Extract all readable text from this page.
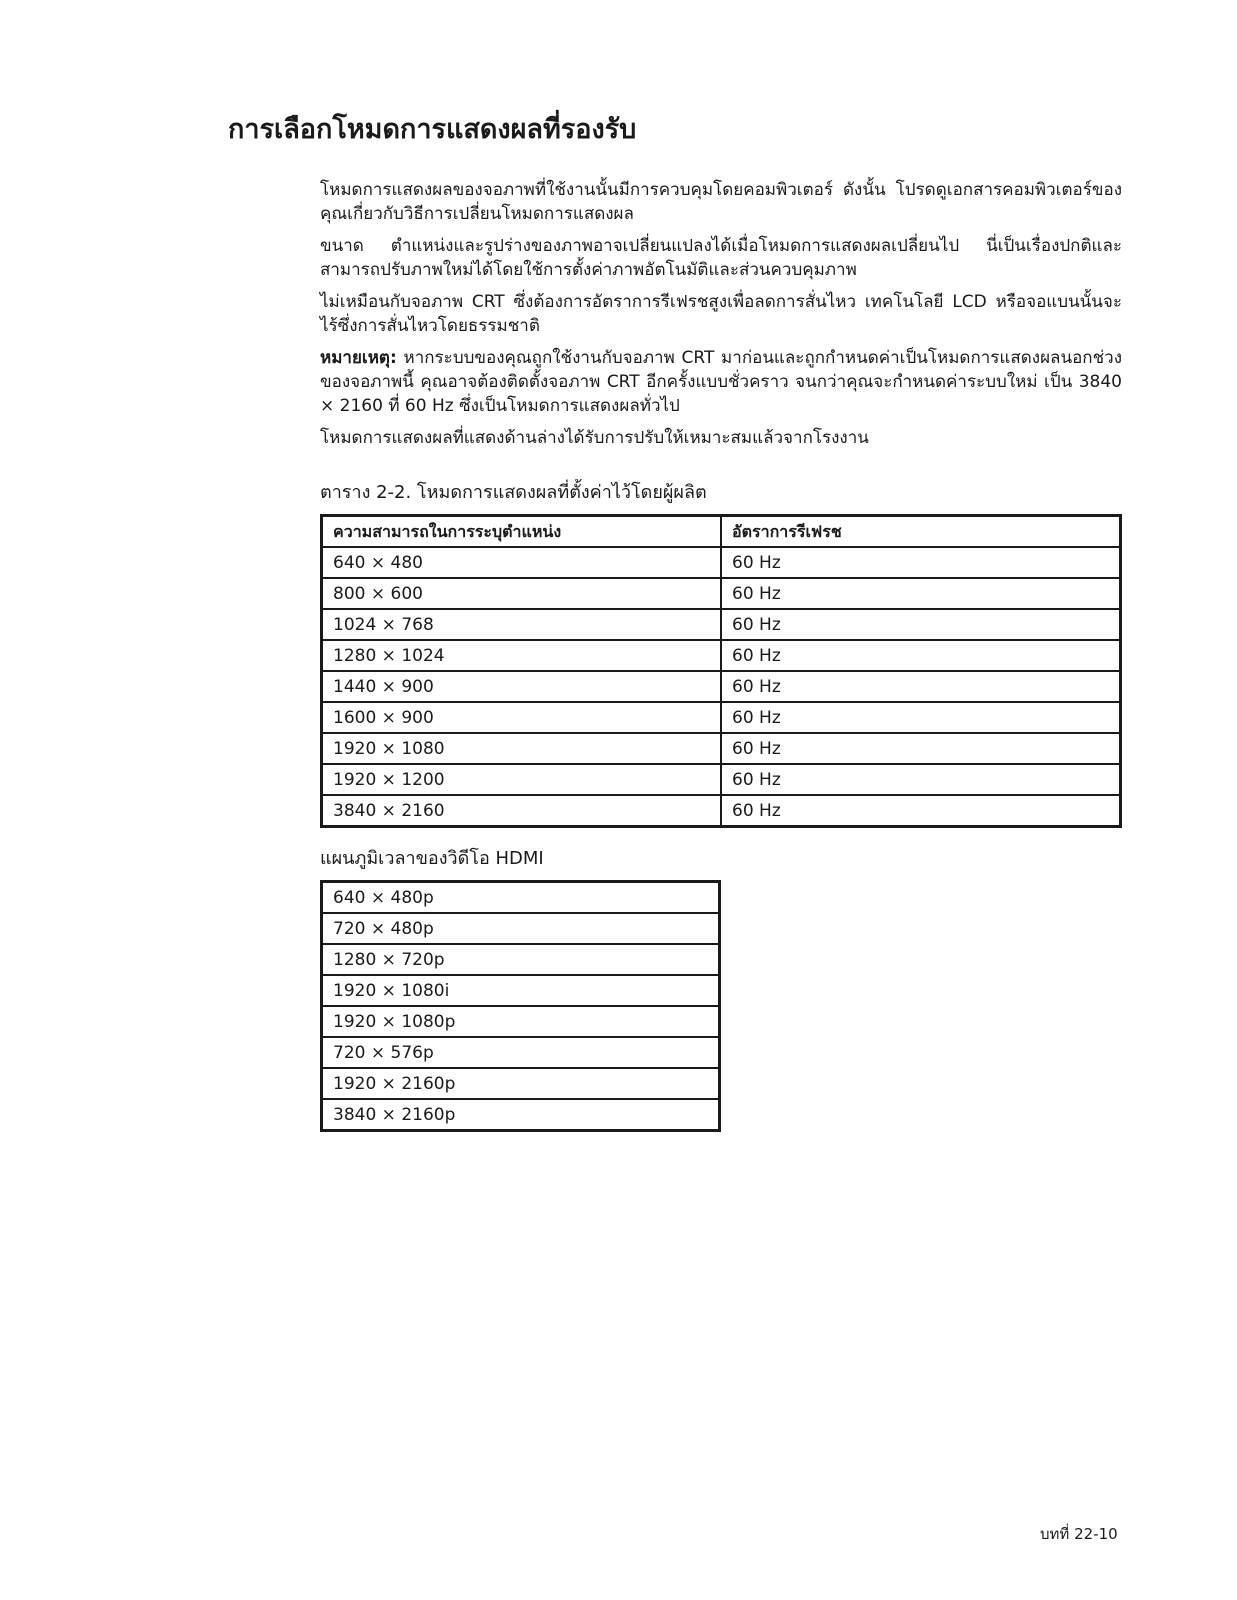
การเลือกโหมดการแสดงผลที่รองรับ

โหมดการแสดงผลของจอภาพที่ใช้งานนั้นมีการควบคุมโดยคอมพิวเตอร์ ดังนั้น โปรดดูเอกสารคอมพิวเตอร์ของคุณเกี่ยวกับวิธีการเปลี่ยนโหมดการแสดงผล

ขนาด ตำแหน่งและรูปร่างของภาพอาจเปลี่ยนแปลงได้เมื่อโหมดการแสดงผลเปลี่ยนไป นี่เป็นเรื่องปกติและสามารถปรับภาพใหม่ได้โดยใช้การตั้งค่าภาพอัตโนมัติและส่วนควบคุมภาพ

ไม่เหมือนกับจอภาพ CRT ซึ่งต้องการอัตราการรีเฟรชสูงเพื่อลดการสั่นไหว เทคโนโลยี LCD หรือจอแบนนั้นจะไร้ซึ่งการสั่นไหวโดยธรรมชาติ

หมายเหตุ: หากระบบของคุณถูกใช้งานกับจอภาพ CRT มาก่อนและถูกกำหนดค่าเป็นโหมดการแสดงผลนอกช่วงของจอภาพนี้ คุณอาจต้องติดตั้งจอภาพ CRT อีกครั้งแบบชั่วคราว จนกว่าคุณจะกำหนดค่าระบบใหม่ เป็น 3840 × 2160 ที่ 60 Hz ซึ่งเป็นโหมดการแสดงผลทั่วไป

โหมดการแสดงผลที่แสดงด้านล่างได้รับการปรับให้เหมาะสมแล้วจากโรงงาน

ตาราง 2-2. โหมดการแสดงผลที่ตั้งค่าไว้โดยผู้ผลิต
ความสามารถในการระบุตำแหน่ง	อัตราการรีเฟรช
640 × 480	60 Hz
800 × 600	60 Hz
1024 × 768	60 Hz
1280 × 1024	60 Hz
1440 × 900	60 Hz
1600 × 900	60 Hz
1920 × 1080	60 Hz
1920 × 1200	60 Hz
3840 × 2160	60 Hz
แผนภูมิเวลาของวิดีโอ HDMI
640 × 480p
720 × 480p
1280 × 720p
1920 × 1080i
1920 × 1080p
720 × 576p
1920 × 2160p
3840 × 2160p
บทที่ 22-10
